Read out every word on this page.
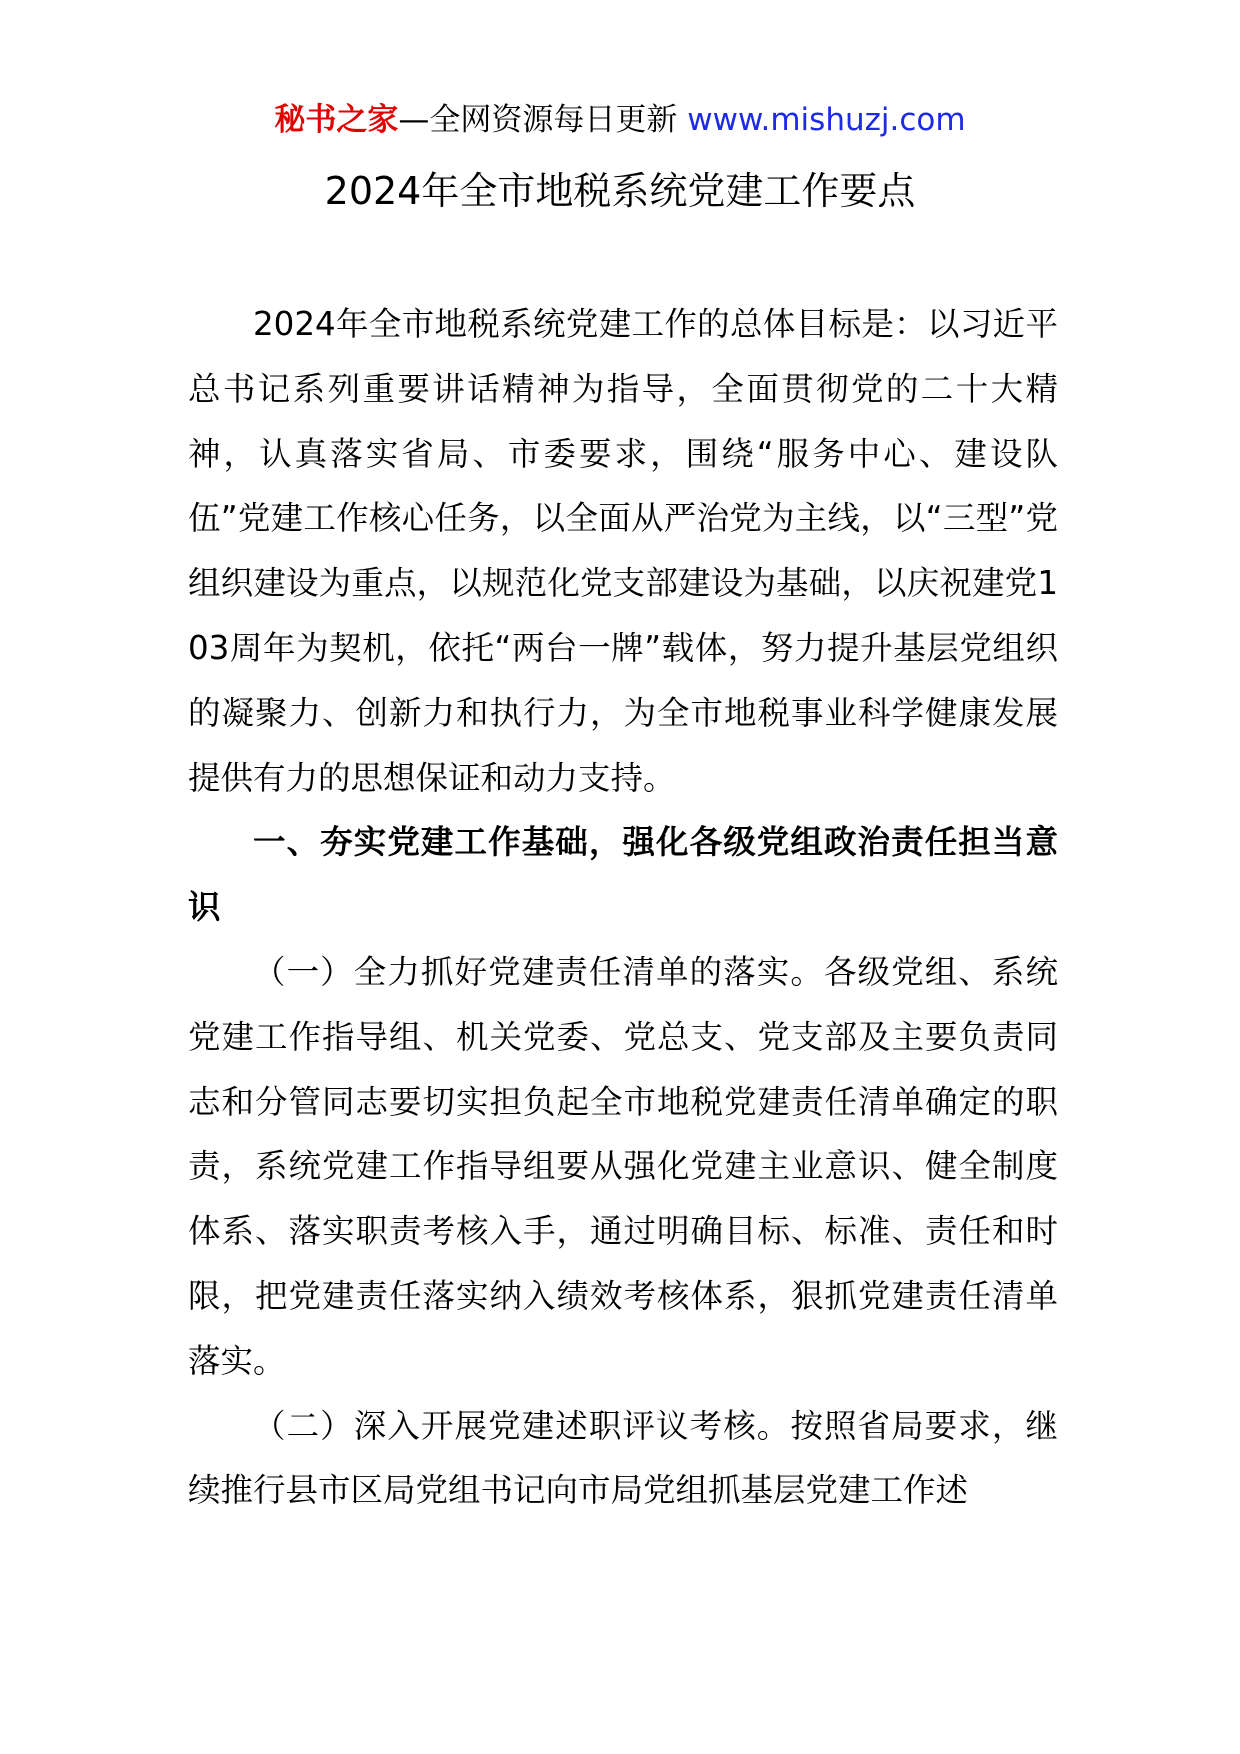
秘书之家—全网资源每日更新 www.mishuzj.com
2024年全市地税系统党建工作要点

2024年全市地税系统党建工作的总体目标是：以习近平总书记系列重要讲话精神为指导，全面贯彻党的二十大精神，认真落实省局、市委要求，围绕“服务中心、建设队伍”党建工作核心任务，以全面从严治党为主线，以“三型”党组织建设为重点，以规范化党支部建设为基础，以庆祝建党103周年为契机，依托“两台一牌”载体，努力提升基层党组织的凝聚力、创新力和执行力，为全市地税事业科学健康发展提供有力的思想保证和动力支持。

一、夯实党建工作基础，强化各级党组政治责任担当意识

（一）全力抓好党建责任清单的落实。各级党组、系统党建工作指导组、机关党委、党总支、党支部及主要负责同志和分管同志要切实担负起全市地税党建责任清单确定的职责，系统党建工作指导组要从强化党建主业意识、健全制度体系、落实职责考核入手，通过明确目标、标准、责任和时限，把党建责任落实纳入绩效考核体系，狠抓党建责任清单落实。

（二）深入开展党建述职评议考核。按照省局要求，继续推行县市区局党组书记向市局党组抓基层党建工作述
